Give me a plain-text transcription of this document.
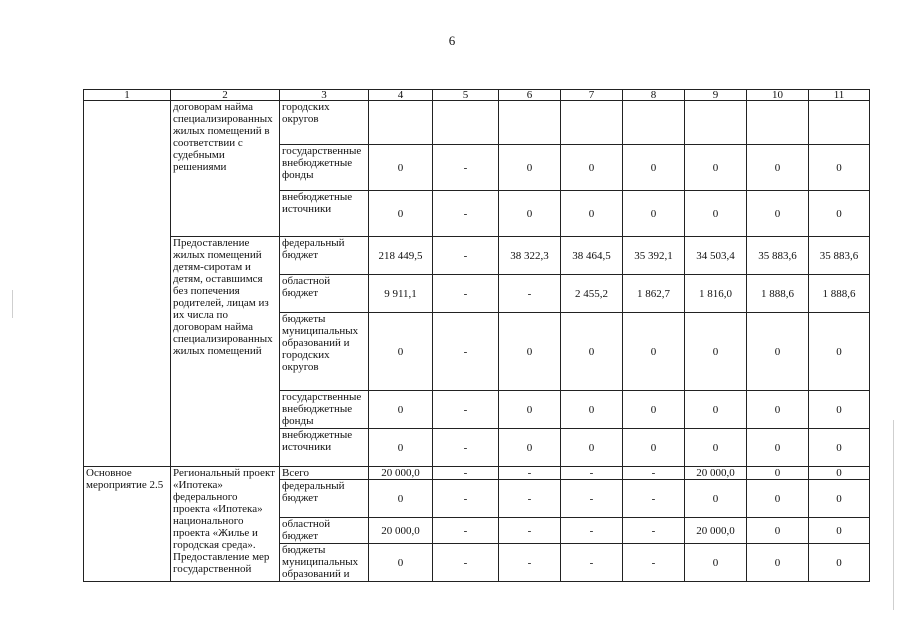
6
1	2	3	4	5	6	7	8	9	10	11
	договорам найма специализированных жилых помещений в соответствии с судебными решениями	городских округов								
		государственные внебюджетные фонды	0	-	0	0	0	0	0	0
		внебюджетные источники	0	-	0	0	0	0	0	0
	Предоставление жилых помещений детям-сиротам и детям, оставшимся без попечения родителей, лицам из их числа по договорам найма специализированных жилых помещений	федеральный бюджет	218 449,5	-	38 322,3	38 464,5	35 392,1	34 503,4	35 883,6	35 883,6
		областной бюджет	9 911,1	-	-	2 455,2	1 862,7	1 816,0	1 888,6	1 888,6
		бюджеты муниципальных образований и городских округов	0	-	0	0	0	0	0	0
		государственные внебюджетные фонды	0	-	0	0	0	0	0	0
		внебюджетные источники	0	-	0	0	0	0	0	0
Основное мероприятие 2.5	Региональный проект «Ипотека» федерального проекта «Ипотека» национального проекта «Жилье и городская среда». Предоставление мер государственной	Всего	20 000,0	-	-	-	-	20 000,0	0	0
		федеральный бюджет	0	-	-	-	-	0	0	0
		областной бюджет	20 000,0	-	-	-	-	20 000,0	0	0
		бюджеты муниципальных образований и	0	-	-	-	-	0	0	0
